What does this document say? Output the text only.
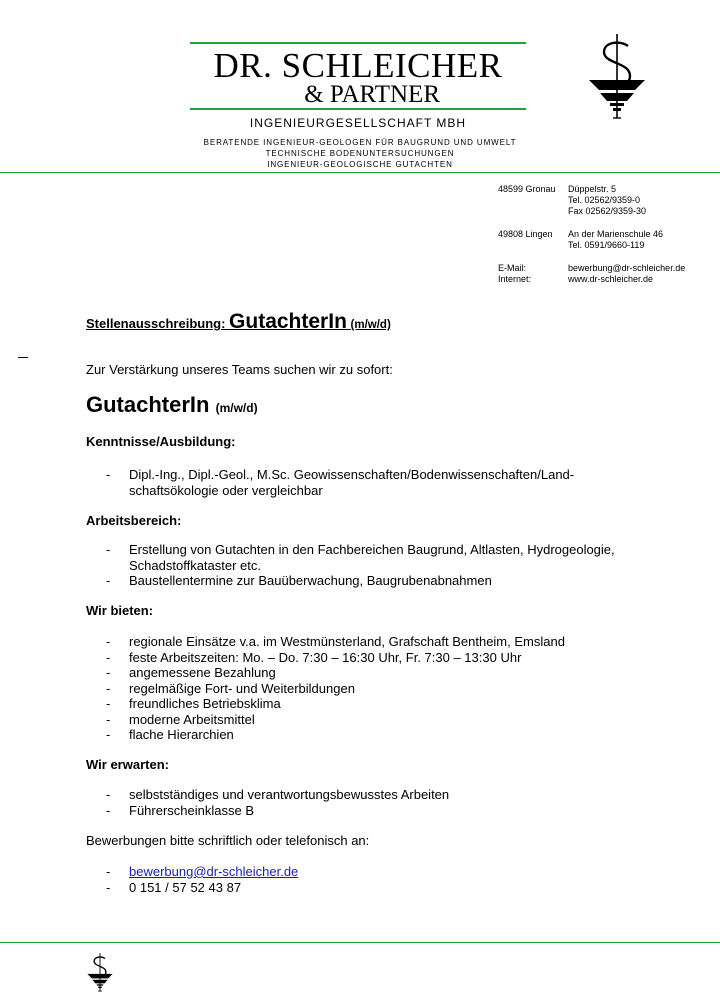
DR. SCHLEICHER
& PARTNER
INGENIEURGESELLSCHAFT MBH
BERATENDE INGENIEUR-GEOLOGEN FÜR BAUGRUND UND UMWELT
TECHNISCHE BODENUNTERSUCHUNGEN
INGENIEUR-GEOLOGISCHE GUTACHTEN
48599 Gronau	Düppelstr. 5
Tel. 02562/9359-0
Fax 02562/9359-30
49808 Lingen	An der Marienschule 46
Tel. 0591/9660-119
E-Mail:	bewerbung@dr-schleicher.de
Internet:	www.dr-schleicher.de
Stellenausschreibung: GutachterIn (m/w/d)
Zur Verstärkung unseres Teams suchen wir zu sofort:
GutachterIn (m/w/d)
Kenntnisse/Ausbildung:
-	Dipl.-Ing., Dipl.-Geol., M.Sc. Geowissenschaften/Bodenwissenschaften/Land-
schaftsökologie oder vergleichbar
Arbeitsbereich:
-	Erstellung von Gutachten in den Fachbereichen Baugrund, Altlasten, Hydrogeologie,
Schadstoffkataster etc.
-	Baustellentermine zur Bauüberwachung, Baugrubenabnahmen
Wir bieten:
-	regionale Einsätze v.a. im Westmünsterland, Grafschaft Bentheim, Emsland
-	feste Arbeitszeiten: Mo. – Do. 7:30 – 16:30 Uhr, Fr. 7:30 – 13:30 Uhr
-	angemessene Bezahlung
-	regelmäßige Fort- und Weiterbildungen
-	freundliches Betriebsklima
-	moderne Arbeitsmittel
-	flache Hierarchien
Wir erwarten:
-	selbstständiges und verantwortungsbewusstes Arbeiten
-	Führerscheinklasse B
Bewerbungen bitte schriftlich oder telefonisch an:
-	bewerbung@dr-schleicher.de
-	0 151 / 57 52 43 87
